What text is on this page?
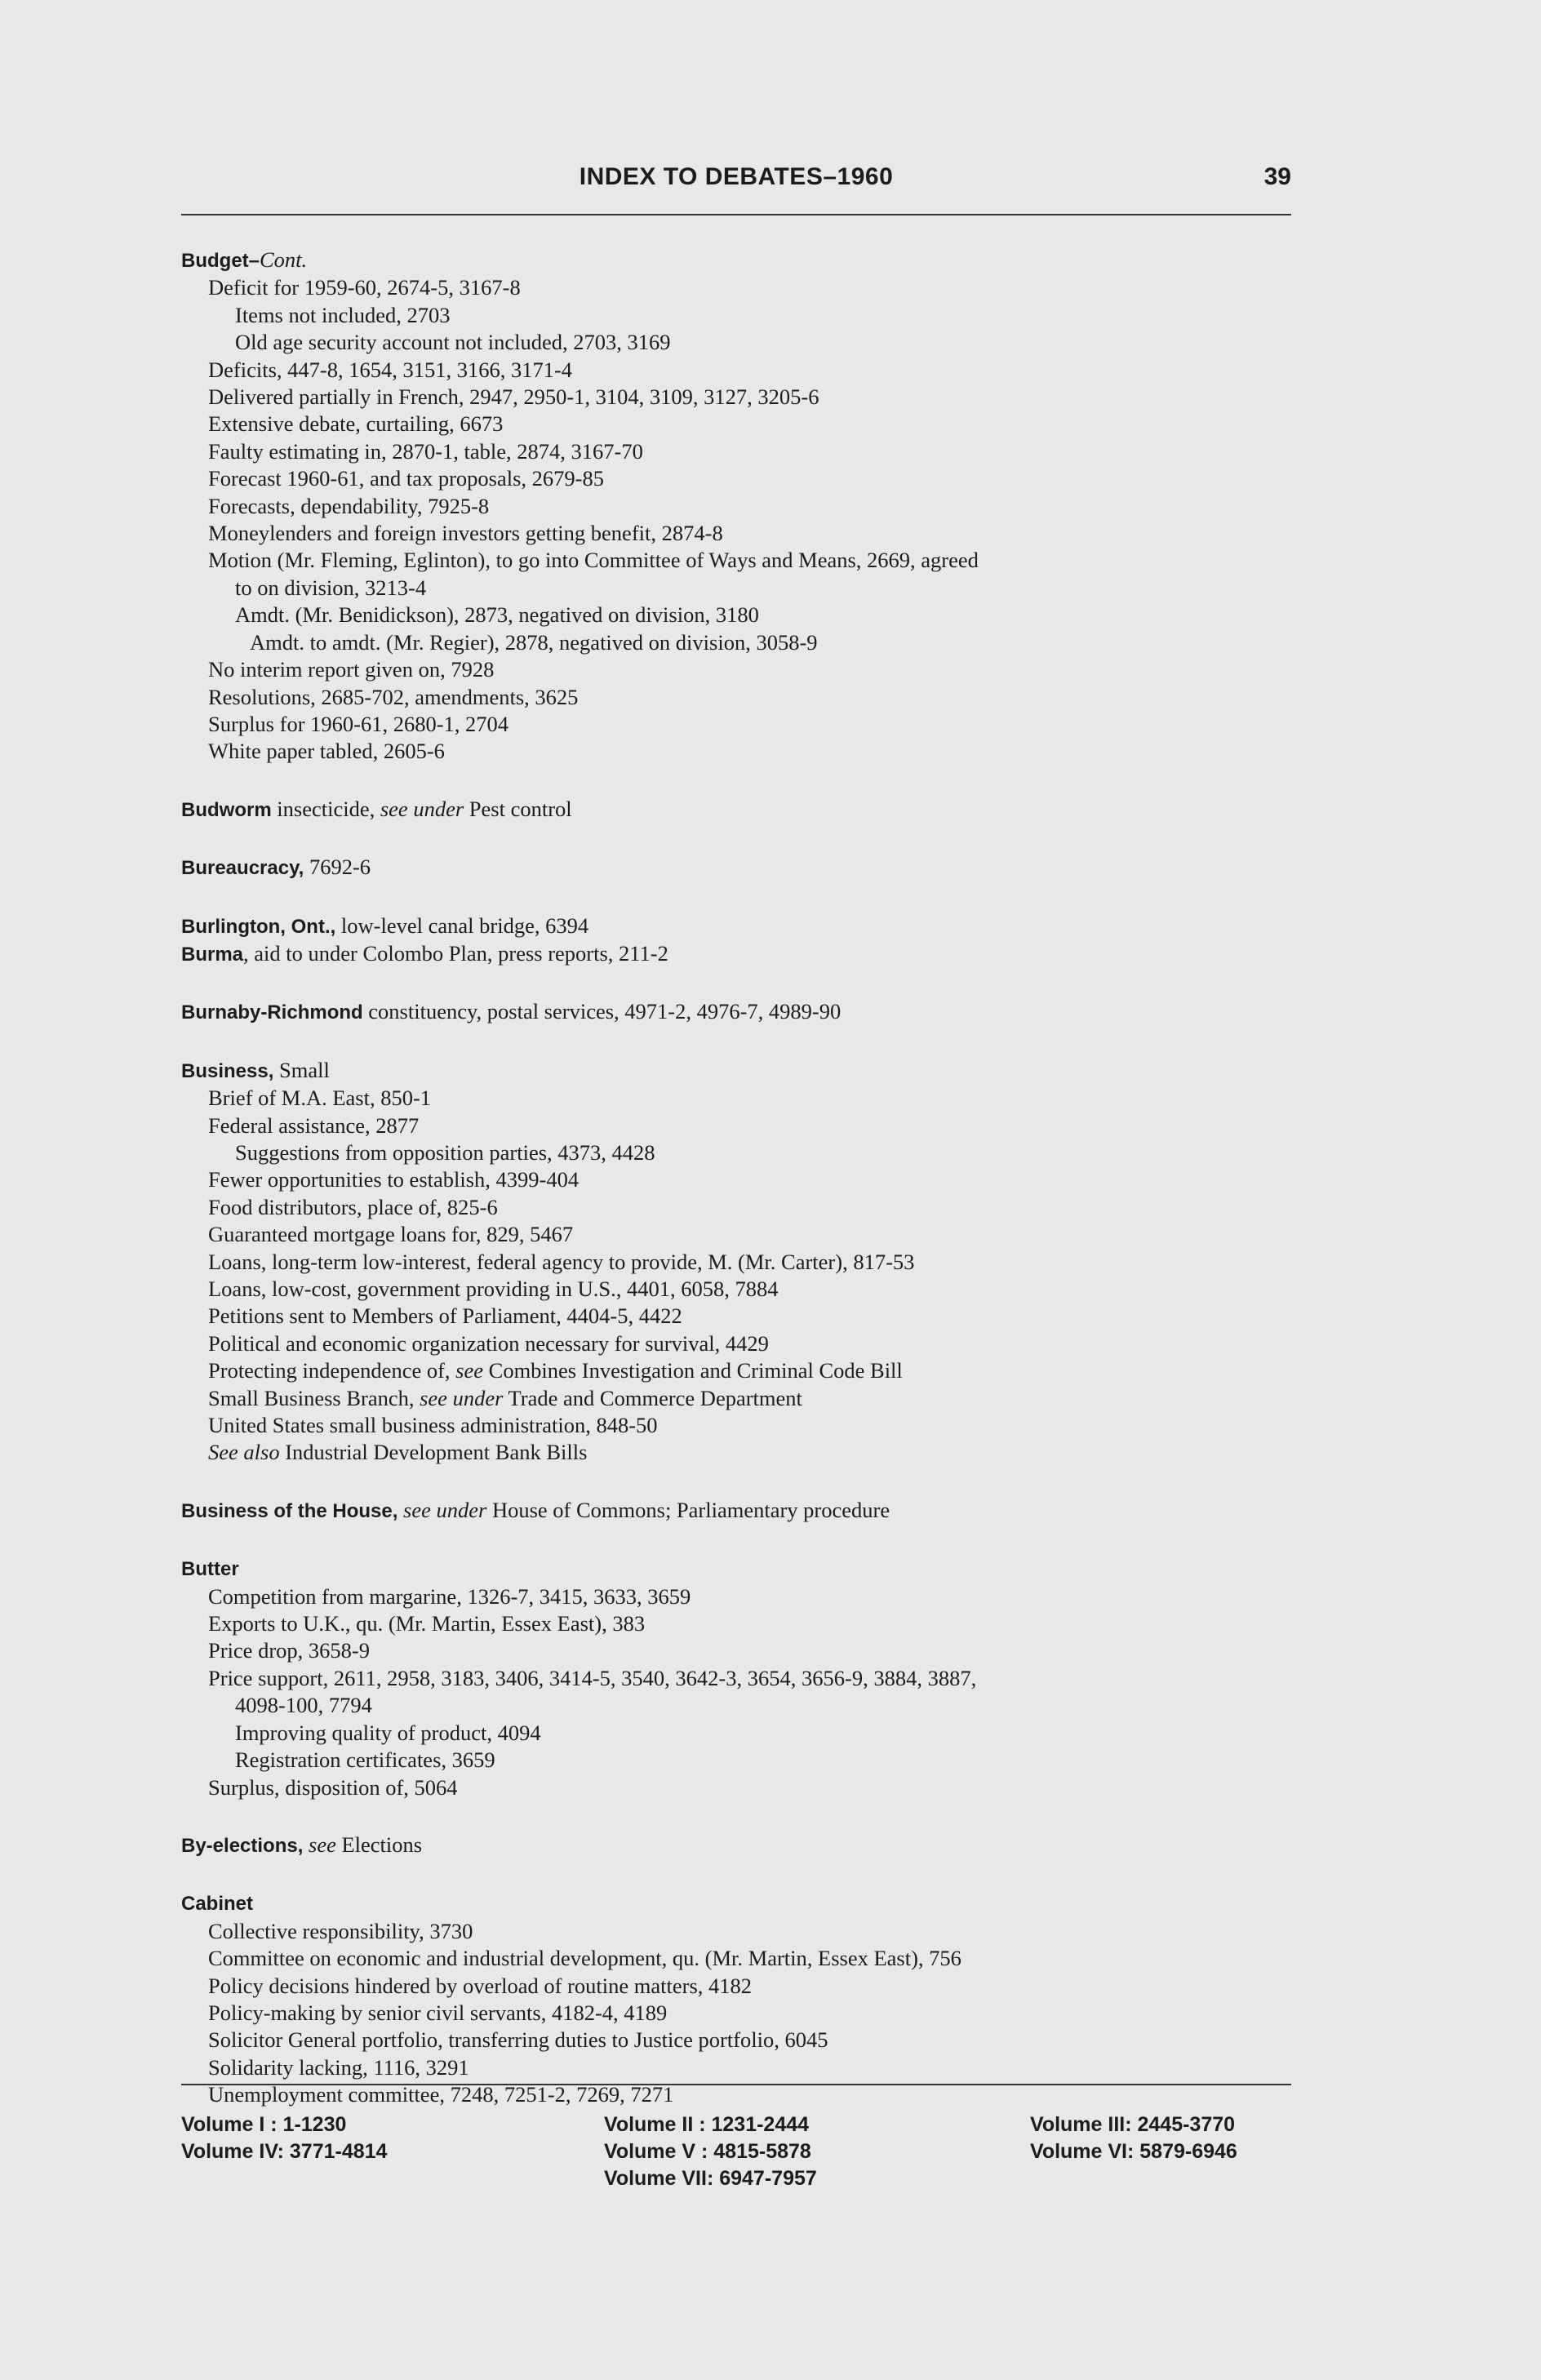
INDEX TO DEBATES–1960	39
Budget–Cont.
Deficit for 1959-60, 2674-5, 3167-8
Items not included, 2703
Old age security account not included, 2703, 3169
Deficits, 447-8, 1654, 3151, 3166, 3171-4
Delivered partially in French, 2947, 2950-1, 3104, 3109, 3127, 3205-6
Extensive debate, curtailing, 6673
Faulty estimating in, 2870-1, table, 2874, 3167-70
Forecast 1960-61, and tax proposals, 2679-85
Forecasts, dependability, 7925-8
Moneylenders and foreign investors getting benefit, 2874-8
Motion (Mr. Fleming, Eglinton), to go into Committee of Ways and Means, 2669, agreed
to on division, 3213-4
Amdt. (Mr. Benidickson), 2873, negatived on division, 3180
Amdt. to amdt. (Mr. Regier), 2878, negatived on division, 3058-9
No interim report given on, 7928
Resolutions, 2685-702, amendments, 3625
Surplus for 1960-61, 2680-1, 2704
White paper tabled, 2605-6
Budworm insecticide, see under Pest control
Bureaucracy, 7692-6
Burlington, Ont., low-level canal bridge, 6394
Burma, aid to under Colombo Plan, press reports, 211-2
Burnaby-Richmond constituency, postal services, 4971-2, 4976-7, 4989-90
Business, Small
Brief of M.A. East, 850-1
Federal assistance, 2877
Suggestions from opposition parties, 4373, 4428
Fewer opportunities to establish, 4399-404
Food distributors, place of, 825-6
Guaranteed mortgage loans for, 829, 5467
Loans, long-term low-interest, federal agency to provide, M. (Mr. Carter), 817-53
Loans, low-cost, government providing in U.S., 4401, 6058, 7884
Petitions sent to Members of Parliament, 4404-5, 4422
Political and economic organization necessary for survival, 4429
Protecting independence of, see Combines Investigation and Criminal Code Bill
Small Business Branch, see under Trade and Commerce Department
United States small business administration, 848-50
See also Industrial Development Bank Bills
Business of the House, see under House of Commons; Parliamentary procedure
Butter
Competition from margarine, 1326-7, 3415, 3633, 3659
Exports to U.K., qu. (Mr. Martin, Essex East), 383
Price drop, 3658-9
Price support, 2611, 2958, 3183, 3406, 3414-5, 3540, 3642-3, 3654, 3656-9, 3884, 3887,
4098-100, 7794
Improving quality of product, 4094
Registration certificates, 3659
Surplus, disposition of, 5064
By-elections, see Elections
Cabinet
Collective responsibility, 3730
Committee on economic and industrial development, qu. (Mr. Martin, Essex East), 756
Policy decisions hindered by overload of routine matters, 4182
Policy-making by senior civil servants, 4182-4, 4189
Solicitor General portfolio, transferring duties to Justice portfolio, 6045
Solidarity lacking, 1116, 3291
Unemployment committee, 7248, 7251-2, 7269, 7271
Volume I : 1-1230
Volume IV: 3771-4814
Volume II : 1231-2444
Volume V : 4815-5878
Volume VII: 6947-7957
Volume III: 2445-3770
Volume VI: 5879-6946
